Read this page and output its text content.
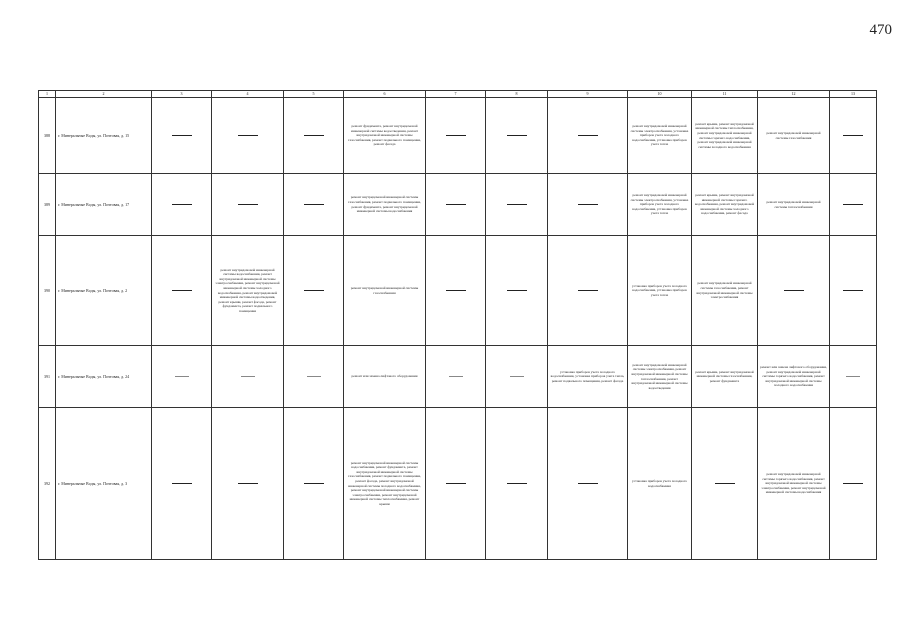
470
1	2	3	4	5	6	7	8	9	10	11	12	13
388	г. Минеральные Воды, ул. Почтовая, д. 15				ремонт фундамента, ремонт внутридомовой инженерной системы водоотведения, ремонт внутридомовой инженерной системы газоснабжения, ремонт подвального помещения, ремонт фасада				ремонт внутридомовой инженерной системы электроснабжения, установка приборов учета холодного водоснабжения, установка приборов учета тепла	ремонт крыши, ремонт внутридомовой инженерной системы теплоснабжения, ремонт внутридомовой инженерной системы горячего водоснабжения, ремонт внутридомовой инженерной системы холодного водоснабжения	ремонт внутридомовой инженерной системы газоснабжения	
389	г. Минеральные Воды, ул. Почтовая, д. 17				ремонт внутридомовой инженерной системы газоснабжения, ремонт подвального помещения, ремонт фундамента, ремонт внутридомовой инженерной системы водоснабжения				ремонт внутридомовой инженерной системы электроснабжения, установка приборов учета холодного водоснабжения, установка приборов учета тепла	ремонт крыши, ремонт внутридомовой инженерной системы горячего водоснабжения, ремонт внутридомовой инженерной системы холодного водоснабжения, ремонт фасада	ремонт внутридомовой инженерной системы теплоснабжения	
390	г. Минеральные Воды, ул. Почтовая, д. 2		ремонт внутридомовой инженерной системы водоснабжения, ремонт внутридомовой инженерной системы электроснабжения, ремонт внутридомовой инженерной системы холодного водоснабжения, ремонт внутридомовой инженерной системы водоотведения, ремонт крыши, ремонт фасада, ремонт фундамента, ремонт подвального помещения		ремонт внутридомовой инженерной системы газоснабжения				установка приборов учета холодного водоснабжения, установка приборов учета тепла	ремонт внутридомовой инженерной системы газоснабжения, ремонт внутридомовой инженерной системы электроснабжения		
391	г. Минеральные Воды, ул. Почтовая, д. 24				ремонт или замена лифтового оборудования			установка приборов учета холодного водоснабжения, установка приборов учета тепла, ремонт подвального помещения, ремонт фасада	ремонт внутридомовой инженерной системы электроснабжения, ремонт внутридомовой инженерной системы теплоснабжения, ремонт внутридомовой инженерной системы водоотведения	ремонт крыши, ремонт внутридомовой инженерной системы газоснабжения, ремонт фундамента	ремонт или замена лифтового оборудования, ремонт внутридомовой инженерной системы горячего водоснабжения, ремонт внутридомовой инженерной системы холодного водоснабжения	
392	г. Минеральные Воды, ул. Почтовая, д. 3				ремонт внутридомовой инженерной системы водоснабжения, ремонт фундамента, ремонт внутридомовой инженерной системы газоснабжения, ремонт подвального помещения, ремонт фасада, ремонт внутридомовой инженерной системы холодного водоснабжения, ремонт внутридомовой инженерной системы электроснабжения, ремонт внутридомовой инженерной системы теплоснабжения, ремонт крыши				установка приборов учета холодного водоснабжения		ремонт внутридомовой инженерной системы горячего водоснабжения, ремонт внутридомовой инженерной системы электроснабжения, ремонт внутридомовой инженерной системы водоснабжения	
